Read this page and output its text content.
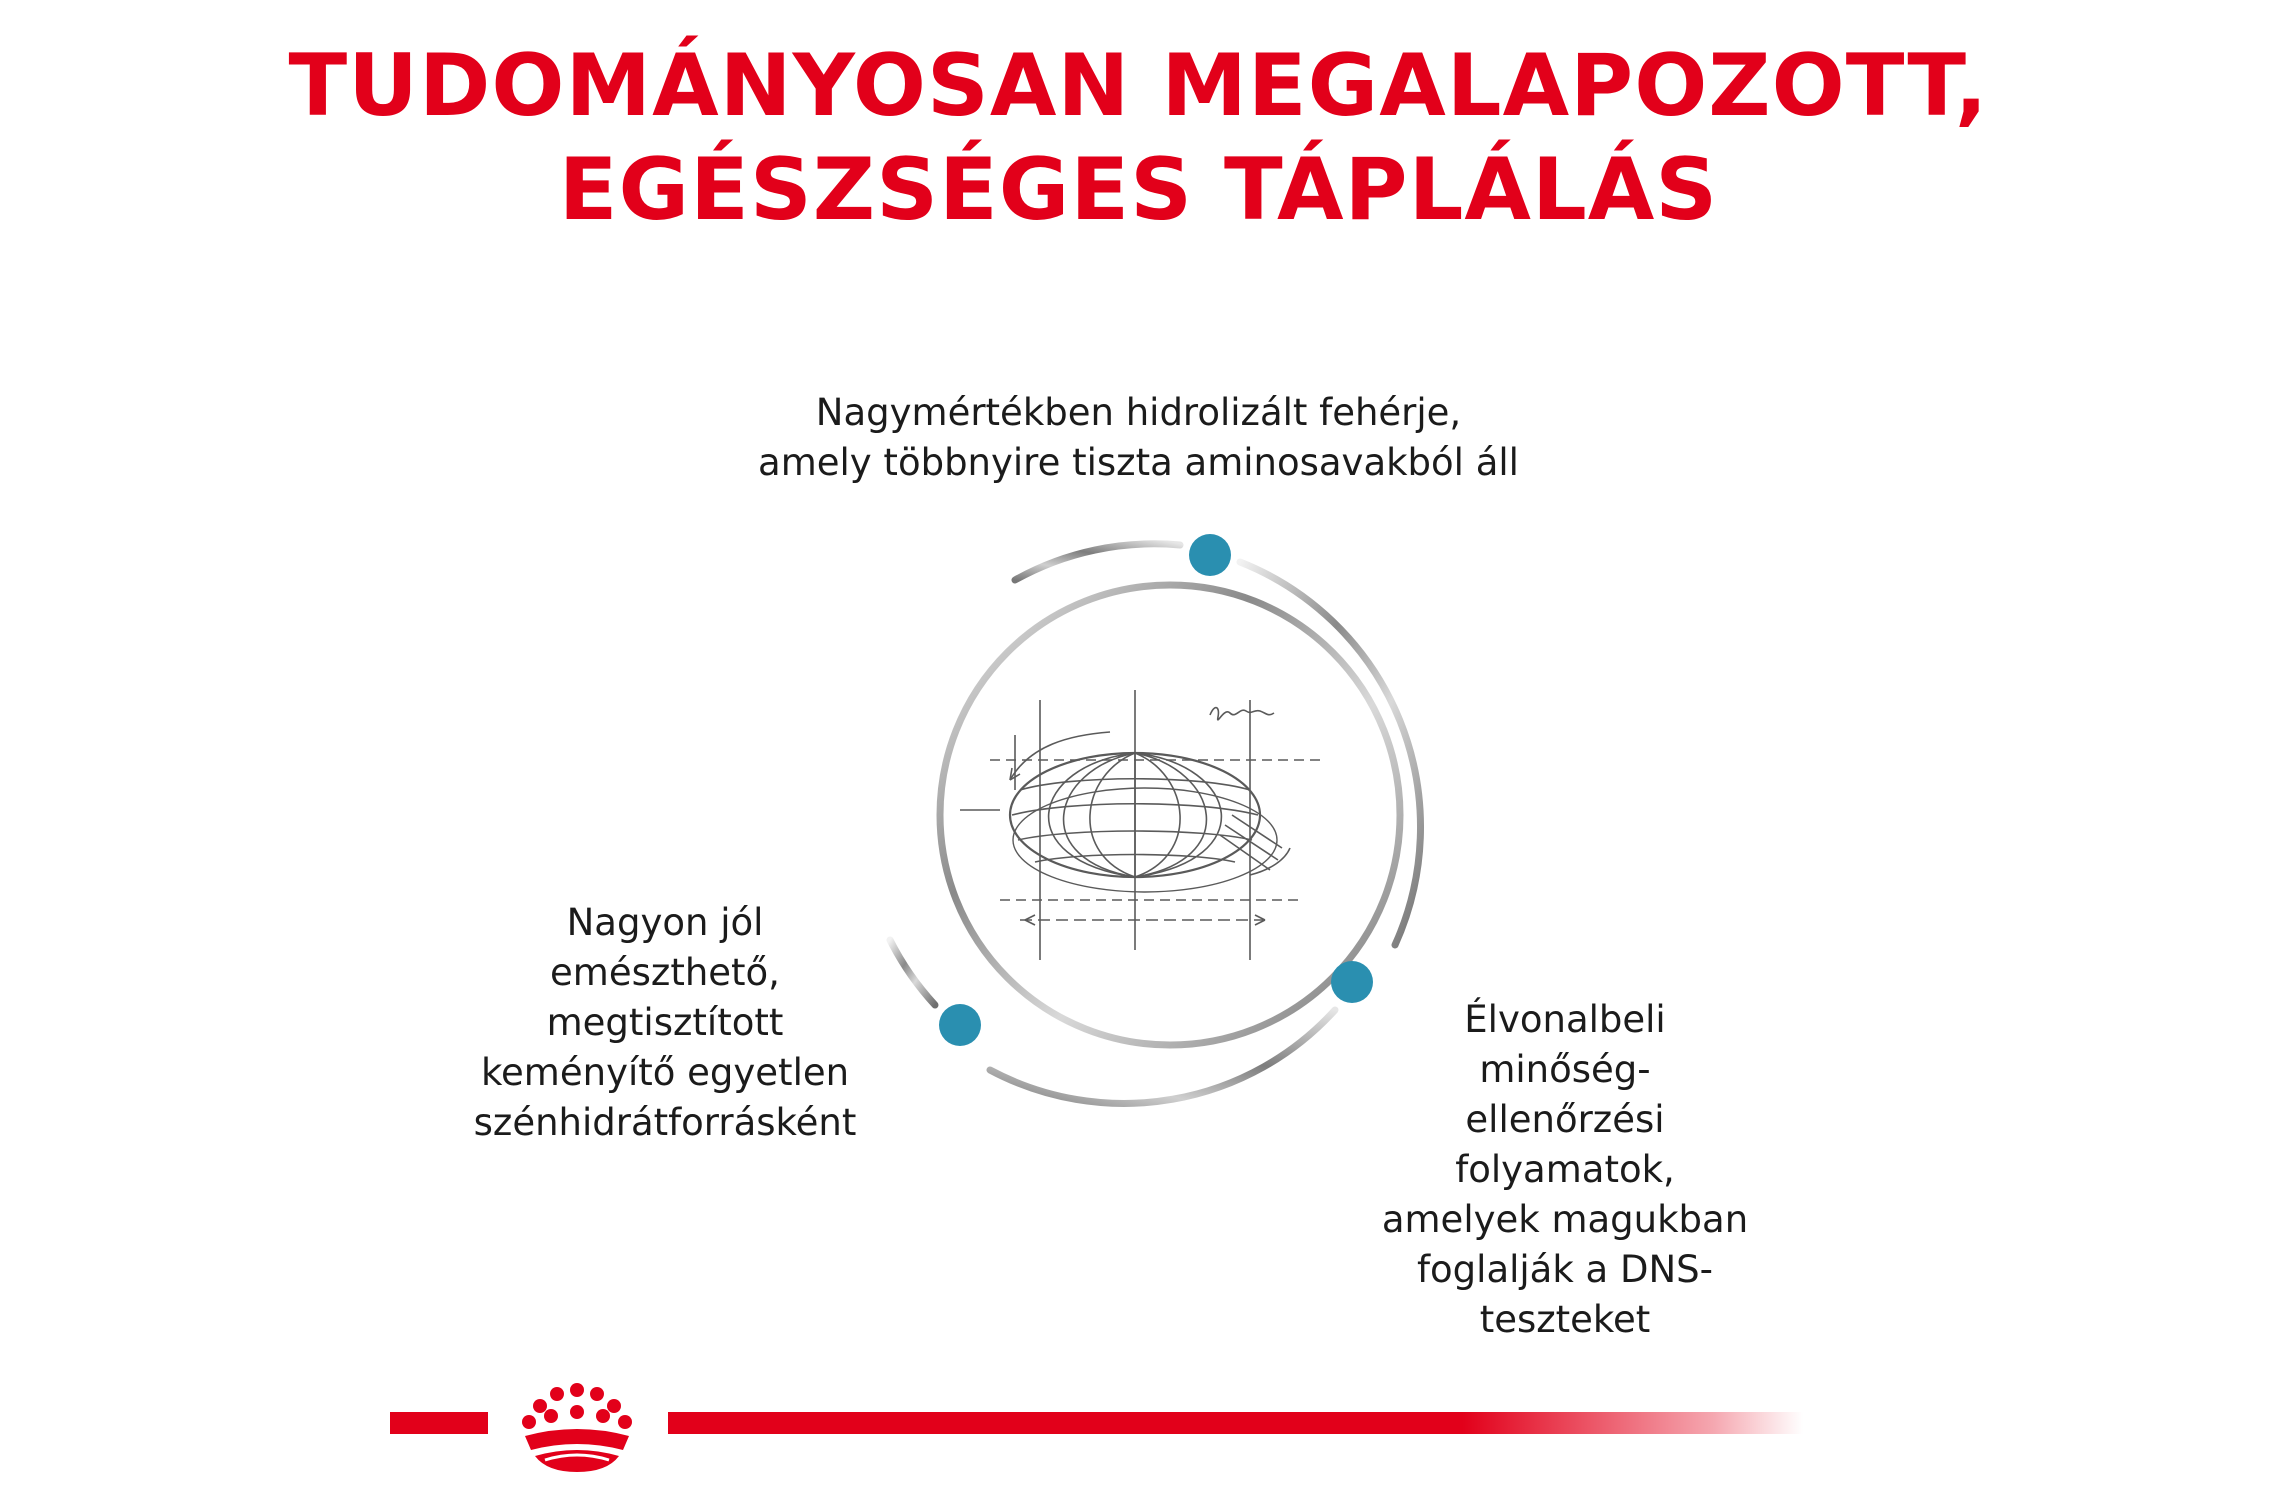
TUDOMÁNYOSAN MEGALAPOZOTT,
EGÉSZSÉGES TÁPLÁLÁS
Nagymértékben hidrolizált fehérje,
amely többnyire tiszta aminosavakból áll
Nagyon jól
emészthető,
megtisztított
keményítő egyetlen
szénhidrátforrásként
Élvonalbeli
minőség-
ellenőrzési
folyamatok,
amelyek magukban
foglalják a DNS-
teszteket
